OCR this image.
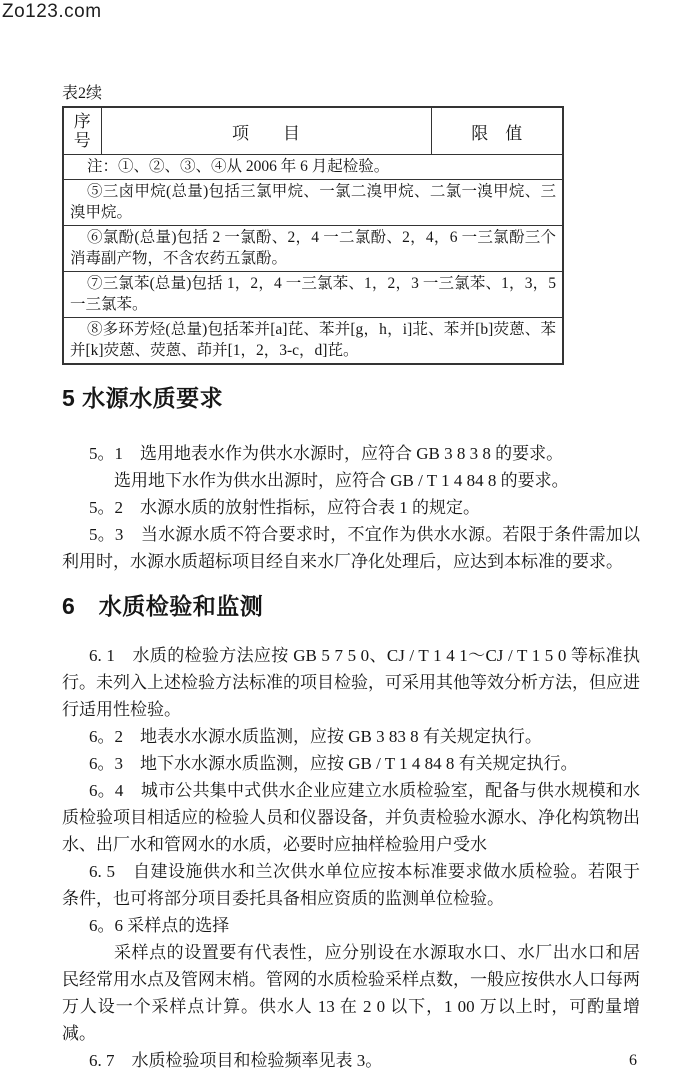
Zo123.com
表2续
序号	项　　目	限　值
注：①、②、③、④从 2006 年 6 月起检验。
⑤三卤甲烷(总量)包括三氯甲烷、一氯二溴甲烷、二氯一溴甲烷、三溴甲烷。
⑥氯酚(总量)包括 2 一氯酚、2，4 一二氯酚、2，4，6 一三氯酚三个消毒副产物，不含农药五氯酚。
⑦三氯苯(总量)包括 1，2，4 一三氯苯、1，2，3 一三氯苯、1，3，5 一三氯苯。
⑧多环芳烃(总量)包括苯并[a]芘、苯并[g，h，i]苝、苯并[b]荧蒽、苯并[k]荧蒽、荧蒽、茚并[1，2，3-c，d]芘。
5 水源水质要求

5。1　选用地表水作为供水水源时，应符合 GB 3 8 3 8 的要求。

选用地下水作为供水出源时，应符合 GB / T 1 4 84 8 的要求。

5。2　水源水质的放射性指标，应符合表 1 的规定。

5。3　当水源水质不符合要求时，不宜作为供水水源。若限于条件需加以利用时，水源水质超标项目经自来水厂净化处理后，应达到本标准的要求。

6　水质检验和监测

6. 1　水质的检验方法应按 GB 5 7 5 0、CJ / T 1 4 1～CJ / T 1 5 0 等标准执行。未列入上述检验方法标准的项目检验，可采用其他等效分析方法，但应进行适用性检验。

6。2　地表水水源水质监测，应按 GB 3 83 8 有关规定执行。

6。3　地下水水源水质监测，应按 GB / T 1 4 84 8 有关规定执行。

6。4　城市公共集中式供水企业应建立水质检验室，配备与供水规模和水质检验项目相适应的检验人员和仪器设备，并负责检验水源水、净化构筑物出水、出厂水和管网水的水质，必要时应抽样检验用户受水

6. 5　自建设施供水和兰次供水单位应按本标准要求做水质检验。若限于条件，也可将部分项目委托具备相应资质的监测单位检验。

6。6 采样点的选择

采样点的设置要有代表性，应分别设在水源取水口、水厂出水口和居民经常用水点及管网末梢。管网的水质检验采样点数，一般应按供水人口每两万人设一个采样点计算。供水人 13 在 2 0 以下，1 00 万以上时，可酌量增减。

6. 7　水质检验项目和检验频率见表 3。	6
